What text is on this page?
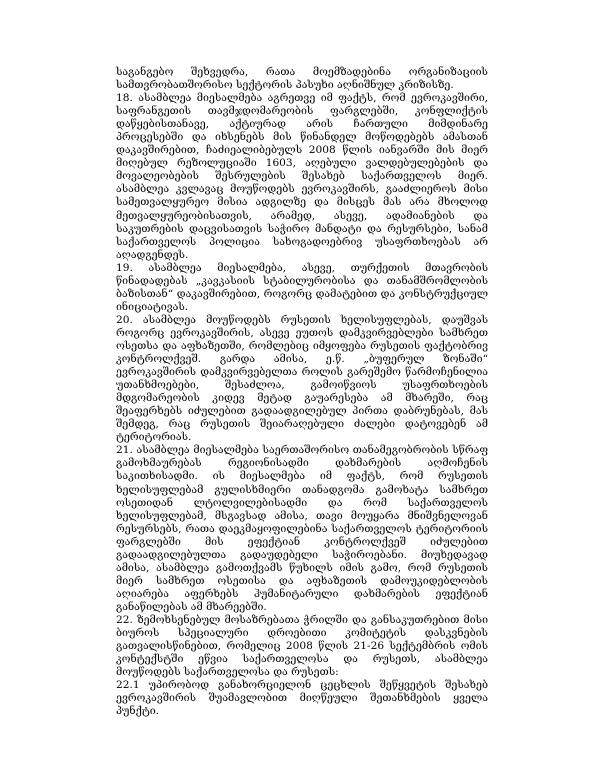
საგანგებო შეხვედრა, რათა მოემზადებინა ორგანიზაციის სამთვრობათშორისო სექტორის პასუხი აღნიშნულ კრიზისზე.

18. ასამბლეა მიესალმება აგრეთვე იმ ფაქტს, რომ ევროკავშირი, საფრანგეთის თავმჯდომარეობის ფარგლებში, კონფლიქტის დაწყებისთანავე, აქტიურად არის ჩართული მიმდინარე პროცესებში და იხსენებს მის წინანდელ მოწოდებებს ამასთან დაკავშირებით, ჩაძიეალიბებულს 2008 წლის იანვარში მის მიერ მიღებულ რეზოლუციაში 1603, აღებული ვალდებულებების და მოვალეობების შესრულების შესახებ საქართველოს მიერ. ასამბლეა კვლავაც მოუწოდებს ევროკავშირს, გააძლიეროს მისი სამეთვალყურეო მისია ადგილზე და მისცეს მას არა მხოლოდ მეთვალყურეობისათვის, არამედ, ასევე, ადამიანების და საკუთრების დაცვისათვის საჭირო მანდატი და რესურსები, სანამ საქართველოს პოლიცია სახოგადოებრივ უსაფრთხოებას არ აღადგენდეს.

19. ასამბლეა მიესალმება, ასევე, თურქეთის მთავრობის წინადადებას „კავკასიის სტაბილურობისა და თანამშრომლობის ბაზისთან“ დაკავშირებით, როგორც დამატებით და კონსტრუქციულ ინიციატივას.

20. ასამბლეა მოუწოდებს რუსეთის ხელისუფლებას, დაუშვას როგორც ევროკავშირის, ასევე ეუთოს დამკვირვებლები სამხრეთ ოსეთსა და აფხაზეთში, რომლებიც იმყოფება რუსეთის ფაქტობრივ კონტროლქვეშ. გარდა ამისა, ე.წ. „ბუფერულ ზონაში“ ევროკავშირის დამკვირვებელთა როლის გარეშემო წარმოჩენილია უთანხმოებები, შესაძლოა, გამოიწვიოს უსაფრთხოების მდგომარეობის კიდევ მეტად გაუარესება ამ მხარეში, რაც შეაფერხებს იძულებით გადაადგილებულ პირთა დაბრუნებას, მას შემდეგ, რაც რუსეთის შეიარაღებული ძალები დატოვებენ ამ ტერიტორიას.

21. ასამბლეა მიესალმება საერთაშორისო თანამეგობრობის სწრაფ გამოხმაურებას რეგიონისადმი დახმარების აღმოჩენის საკითხისადმი. ის მიესალმება იმ ფაქტს, რომ რუსეთის ხელისუფლებამ გულისხმიერი თანადგომა გამოხატა სამხრეთ ოსეთიდან ლტოლვილებისადმი და რომ საქართველოს ხელისუფლებამ, მსგავსად ამისა, თავი მოუყარა მნიშვნელოვან რესურსებს, რათა დაეკმაყოფილებინა საქართველოს ტერიტორიის ფარგლებში მის ეფექტიან კონტროლქვეშ იძულებით გადაადგილებულთა გადაუდებელი საჭიროებანი. მიუხედავად ამისა, ასამბლეა გამოთქვამს წუხილს იმის გამო, რომ რუსეთის მიერ სამხრეთ ოსეთისა და აფხაზეთის დამოუკიდებლობის აღიარება აფერხებს ჰუმანიტარული დახმარების ეფექტიან განაწილებას ამ მხარეებში.

22. ზემოხსენებულ მოსაზრებათა ჭრილში და განსაკუთრებით მისი ბიუროს სპეციალური დროებითი კომიტეტის დასკვნების გათვალისწინებით, რომელიც 2008 წლის 21-26 სექტემბრის ომის კონტექსტში ეწვია საქართველოსა და რუსეთს, ასამბლეა მოუწოდებს საქართველოსა და რუსეთს:

22.1 უპირობოდ განახორციელონ ცეცხლის შეწყვეტის შესახებ ევროკავშირის შუამავლობით მიღწეული შეთანხმების ყველა პუნქტი.
